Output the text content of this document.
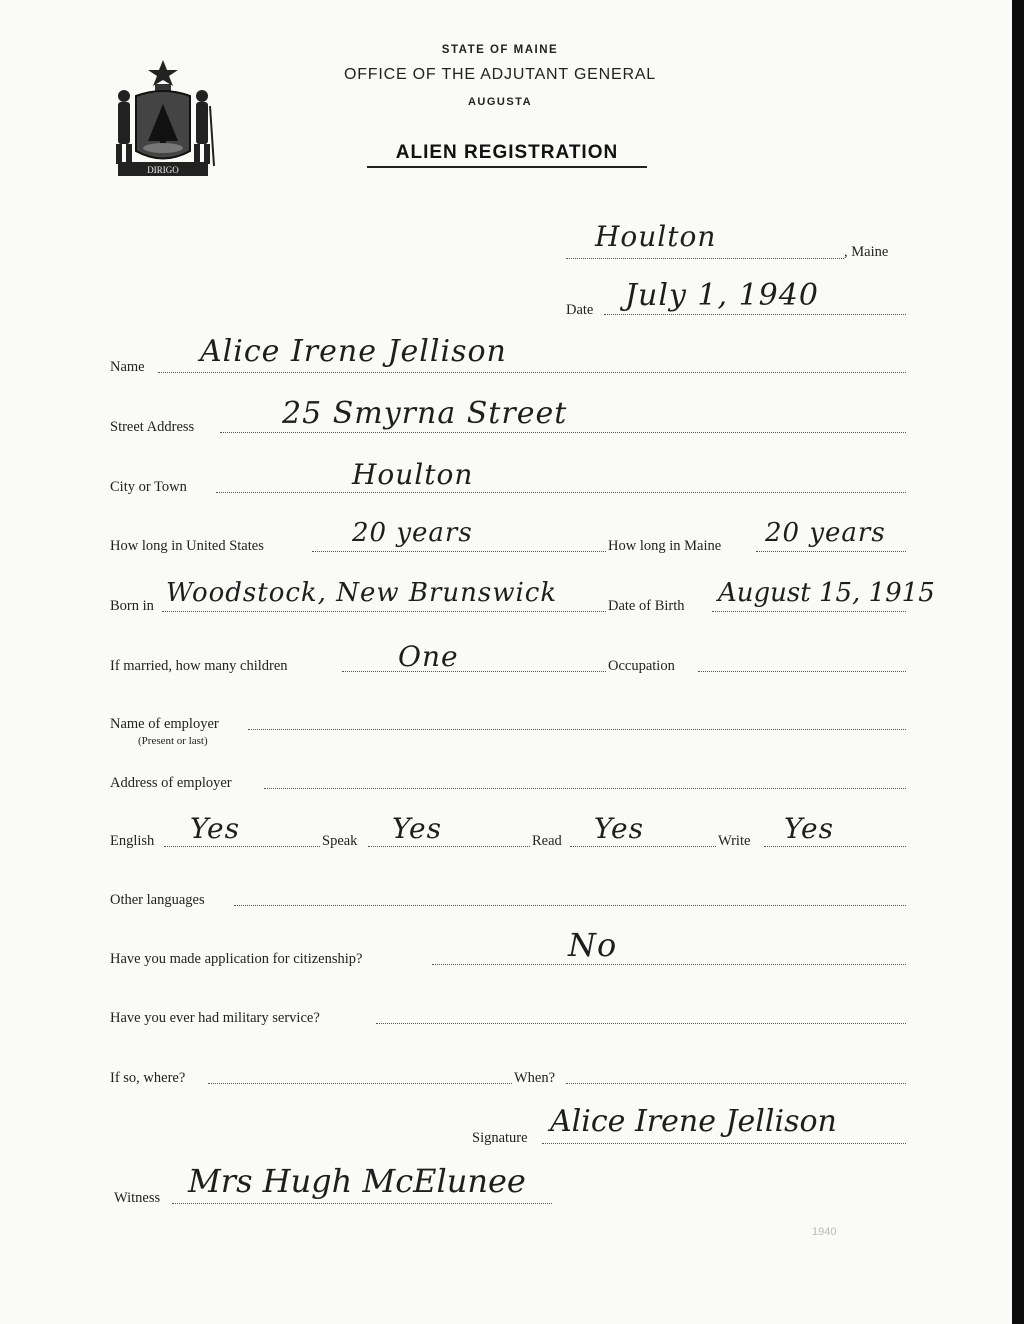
DIRIGO
STATE OF MAINE
OFFICE OF THE ADJUTANT GENERAL
AUGUSTA
ALIEN REGISTRATION
Houlton	, Maine
Date July 1, 1940
Name Alice Irene Jellison
Street Address	25 Smyrna Street
City or Town	Houlton
How long in United States	20 years	How long in Maine 20 years
Born in Woodstock, New Brunswick	Date of Birth August 15, 1915
If married, how many children	One	Occupation
Name of employer
(Present or last)
Address of employer
English Yes	Speak Yes	Read Yes	Write Yes
Other languages
Have you made application for citizenship?	No
Have you ever had military service?
If so, where?	When?
Signature Alice Irene Jellison
Witness Mrs Hugh McElunee
1940
